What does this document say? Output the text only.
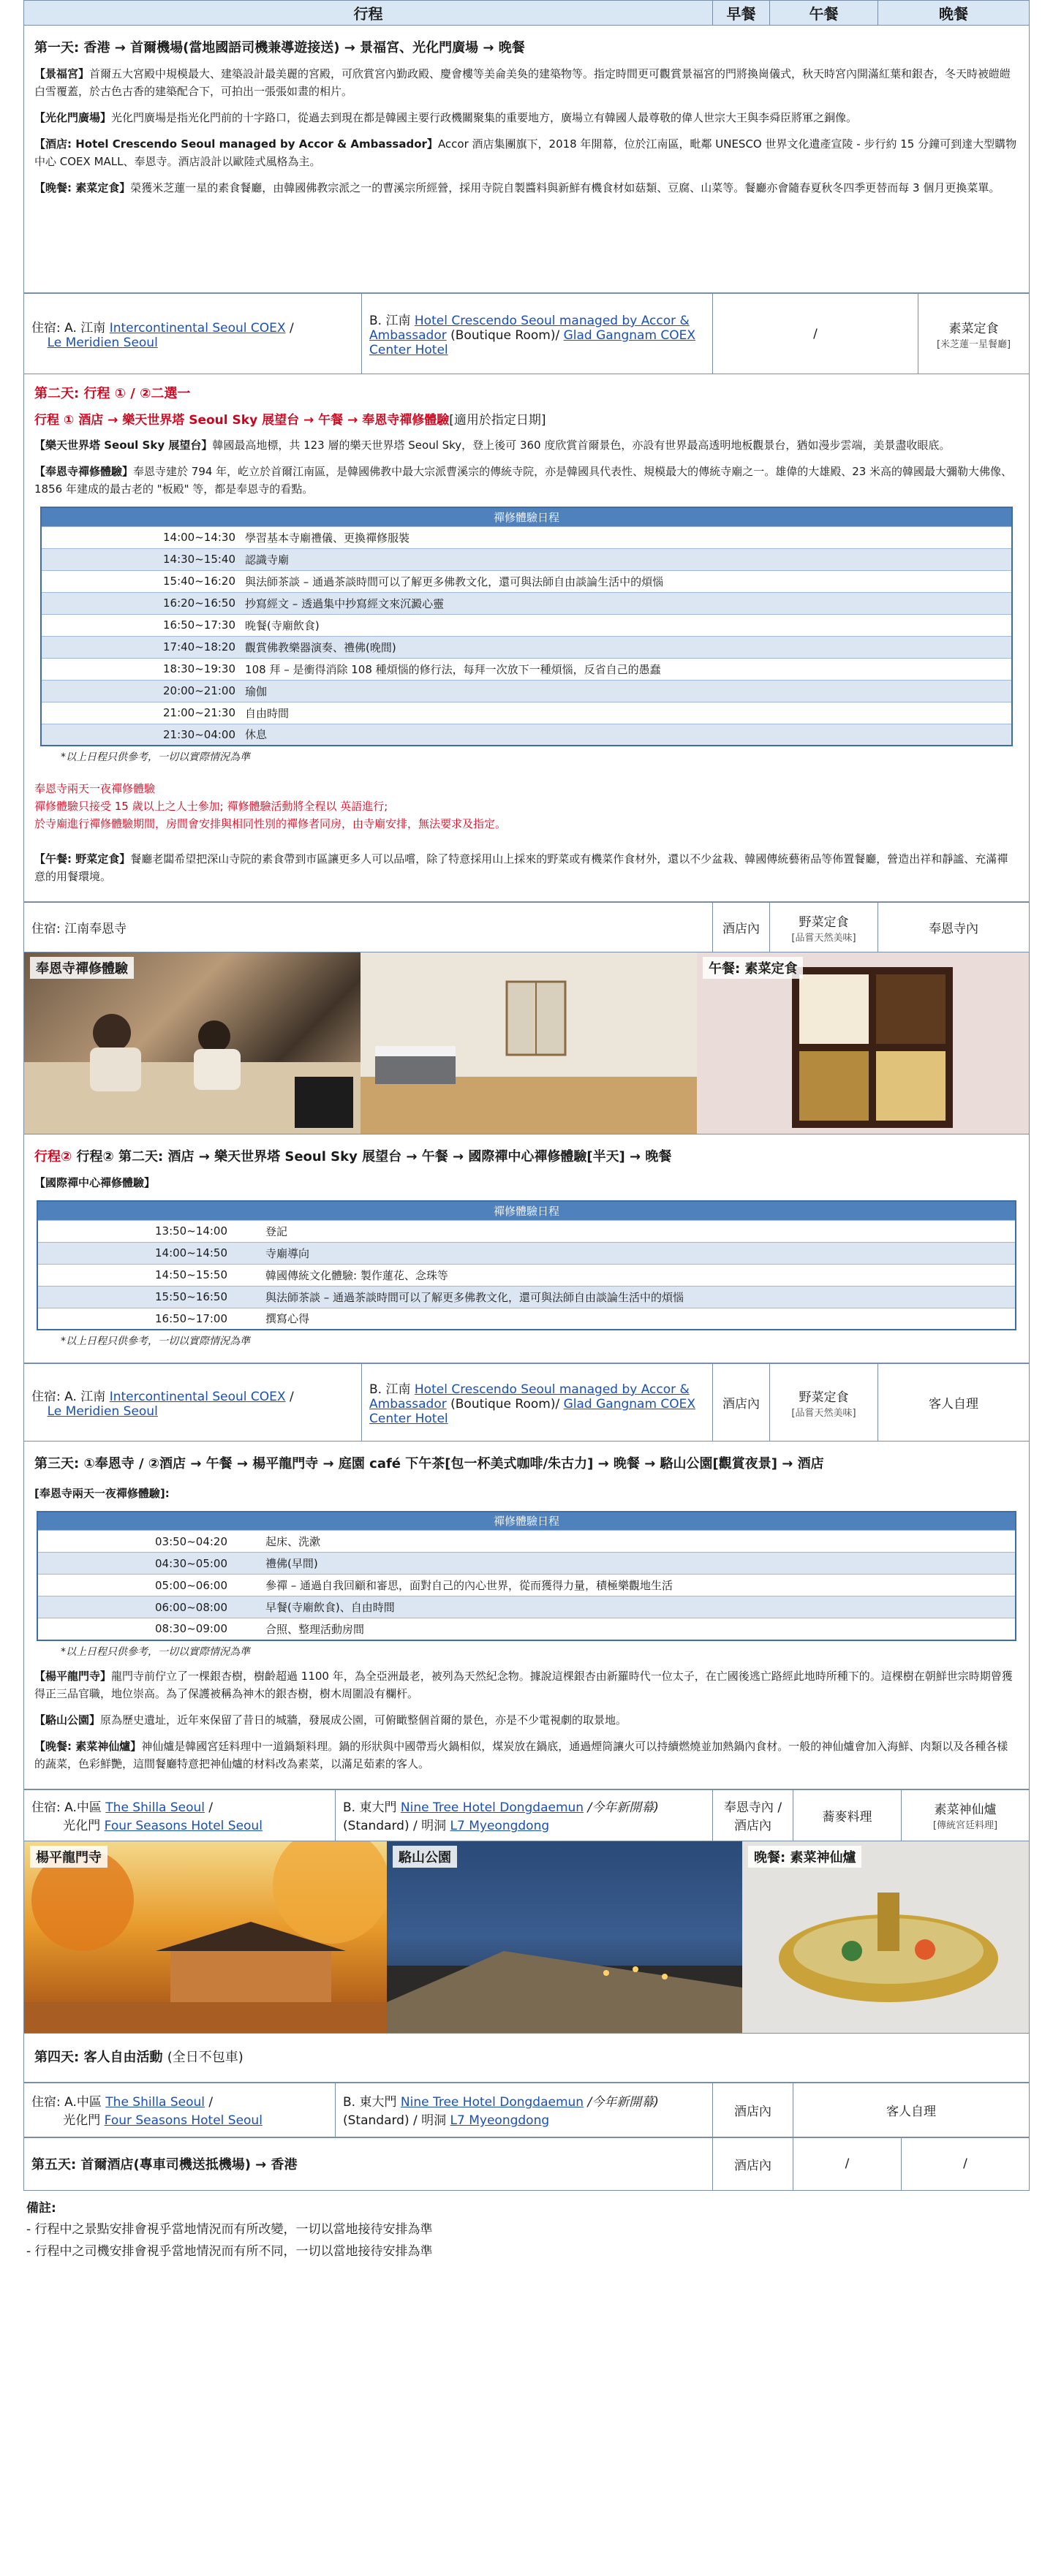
行程	早餐	午餐	晚餐
第一天: 香港 → 首爾機場(當地國語司機兼導遊接送) → 景福宮、光化門廣場 → 晚餐
【景福宮】首爾五大宮殿中規模最大、建築設計最美麗的宮殿，可欣賞宮內勤政殿、慶會樓等美侖美奐的建築物等。指定時間更可觀賞景福宮的門將換崗儀式，秋天時宮內開滿紅葉和銀杏，冬天時被皚皚白雪覆蓋，於古色古香的建築配合下，可拍出一張張如畫的相片。
【光化門廣場】光化門廣場是指光化門前的十字路口，從過去到現在都是韓國主要行政機關聚集的重要地方，廣場立有韓國人最尊敬的偉人世宗大王與李舜臣將軍之銅像。
【酒店: Hotel Crescendo Seoul managed by Accor & Ambassador】Accor 酒店集團旗下，2018 年開幕，位於江南區，毗鄰 UNESCO 世界文化遺產宣陵 - 步行約 15 分鐘可到達大型購物中心 COEX MALL、奉恩寺。酒店設計以歐陸式風格為主。
【晚餐: 素菜定食】榮獲米芝蓮一星的素食餐廳，由韓國佛教宗派之一的曹溪宗所經營，採用寺院自製醬料與新鮮有機食材如菇類、豆腐、山菜等。餐廳亦會隨春夏秋冬四季更替而每 3 個月更換菜單。
住宿: A. 江南 Intercontinental Seoul COEX /
Le Meridien Seoul	B. 江南 Hotel Crescendo Seoul managed by Accor & Ambassador (Boutique Room)/ Glad Gangnam COEX Center Hotel	/	素菜定食
[米芝蓮一星餐廳]
第二天: 行程 ① / ②二選一
行程 ① 酒店 → 樂天世界塔 Seoul Sky 展望台 → 午餐 → 奉恩寺禪修體驗[適用於指定日期]
【樂天世界塔 Seoul Sky 展望台】韓國最高地標，共 123 層的樂天世界塔 Seoul Sky，登上後可 360 度欣賞首爾景色，亦設有世界最高透明地板觀景台，猶如漫步雲端，美景盡收眼底。
【奉恩寺禪修體驗】奉恩寺建於 794 年，屹立於首爾江南區，是韓國佛教中最大宗派曹溪宗的傳統寺院，亦是韓國具代表性、規模最大的傳統寺廟之一。雄偉的大雄殿、23 米高的韓國最大彌勒大佛像、1856 年建成的最古老的 "板殿" 等，都是奉恩寺的看點。
禪修體驗日程	
14:00~14:30	學習基本寺廟禮儀、更換禪修服裝
14:30~15:40	認識寺廟
15:40~16:20	與法師茶談 – 通過茶談時間可以了解更多佛教文化，還可與法師自由談論生活中的煩惱
16:20~16:50	抄寫經文 – 透過集中抄寫經文來沉澱心靈
16:50~17:30	晚餐(寺廟飲食)
17:40~18:20	觀賞佛教樂器演奏、禮佛(晚間)
18:30~19:30	108 拜 – 是衝得消除 108 種煩惱的修行法，每拜一次放下一種煩惱，反省自己的愚蠢
20:00~21:00	瑜伽
21:00~21:30	自由時間
21:30~04:00	休息
*以上日程只供參考，一切以實際情況為準
奉恩寺兩天一夜禪修體驗
禪修體驗只接受 15 歲以上之人士參加; 禪修體驗活動將全程以 英語進行;
於寺廟進行禪修體驗期間，房間會安排與相同性別的禪修者同房，由寺廟安排，無法要求及指定。
【午餐: 野菜定食】餐廳老闆希望把深山寺院的素食帶到市區讓更多人可以品嚐，除了特意採用山上採來的野菜或有機菜作食材外，還以不少盆栽、韓國傳統藝術品等佈置餐廳，營造出祥和靜謐、充滿禪意的用餐環境。
住宿: 江南奉恩寺	酒店內	野菜定食
[品嘗天然美味]
	奉恩寺內
奉恩寺禪修體驗	午餐: 素菜定食
行程② 行程② 第二天: 酒店 → 樂天世界塔 Seoul Sky 展望台 → 午餐 → 國際禪中心禪修體驗[半天] → 晚餐
【國際禪中心禪修體驗】
禪修體驗日程	
13:50~14:00	登記
14:00~14:50	寺廟導向
14:50~15:50	韓國傳統文化體驗: 製作蓮花、念珠等
15:50~16:50	與法師茶談 – 通過茶談時間可以了解更多佛教文化，還可與法師自由談論生活中的煩惱
16:50~17:00	撰寫心得
*以上日程只供參考，一切以實際情況為準
住宿: A. 江南 Intercontinental Seoul COEX /
Le Meridien Seoul	B. 江南 Hotel Crescendo Seoul managed by Accor & Ambassador (Boutique Room)/ Glad Gangnam COEX Center Hotel	酒店內	野菜定食
[品嘗天然美味]
	客人自理
第三天: ①奉恩寺 / ②酒店 → 午餐 → 楊平龍門寺 → 庭園 café 下午茶[包一杯美式咖啡/朱古力] → 晚餐 → 駱山公園[觀賞夜景] → 酒店
[奉恩寺兩天一夜禪修體驗]:
禪修體驗日程	
03:50~04:20	起床、洗漱
04:30~05:00	禮佛(早間)
05:00~06:00	參禪 – 通過自我回顧和審思，面對自己的內心世界，從而獲得力量，積極樂觀地生活
06:00~08:00	早餐(寺廟飲食)、自由時間
08:30~09:00	合照、整理活動房間
*以上日程只供參考，一切以實際情況為準
【楊平龍門寺】龍門寺前佇立了一棵銀杏樹，樹齡超過 1100 年，為全亞洲最老，被列為天然紀念物。據說這棵銀杏由新羅時代一位太子，在亡國後逃亡路經此地時所種下的。這棵樹在朝鮮世宗時期曾獲得正三品官職，地位崇高。為了保護被稱為神木的銀杏樹，樹木周圍設有欄杆。
【駱山公園】原為歷史遺址，近年來保留了昔日的城牆，發展成公園，可俯瞰整個首爾的景色，亦是不少電視劇的取景地。
【晚餐: 素菜神仙爐】神仙爐是韓國宮廷料理中一道鍋類料理。鍋的形狀與中國帶焉火鍋相似，煤炭放在鍋底，通過煙筒讓火可以持續燃燒並加熱鍋內食材。一般的神仙爐會加入海鮮、肉類以及各種各樣的蔬菜，色彩鮮艷，這間餐廳特意把神仙爐的材料改為素菜，以滿足茹素的客人。
住宿: A.中區 The Shilla Seoul /
光化門 Four Seasons Hotel Seoul	B. 東大門 Nine Tree Hotel Dongdaemun /今年新開幕) (Standard) / 明洞 L7 Myeongdong	奉恩寺內 / 酒店內	蕎麥料理	素菜神仙爐
[傳統宮廷料理]
楊平龍門寺	駱山公園	晚餐: 素菜神仙爐
第四天: 客人自由活動 (全日不包車)
住宿: A.中區 The Shilla Seoul /
光化門 Four Seasons Hotel Seoul	B. 東大門 Nine Tree Hotel Dongdaemun /今年新開幕) (Standard) / 明洞 L7 Myeongdong	酒店內	客人自理
第五天: 首爾酒店(專車司機送抵機場) → 香港	酒店內	/	/
備註:
- 行程中之景點安排會視乎當地情況而有所改變，一切以當地接待安排為準
- 行程中之司機安排會視乎當地情況而有所不同，一切以當地接待安排為準
